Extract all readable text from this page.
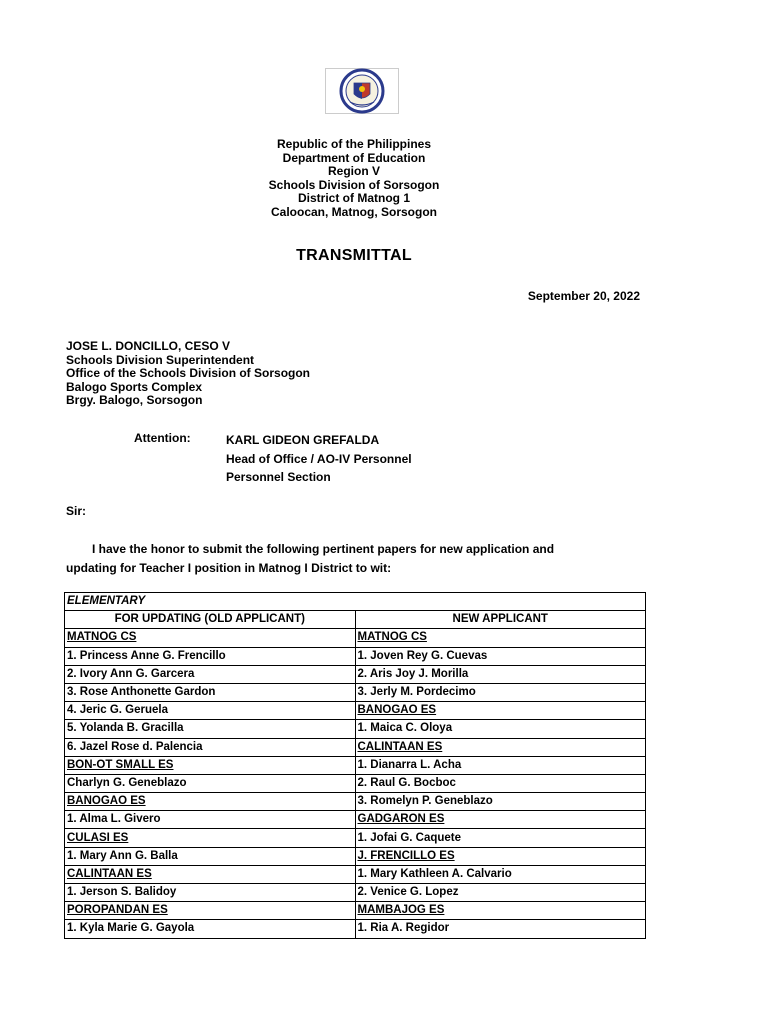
Republic of the Philippines
Department of Education
Region V
Schools Division of Sorsogon
District of Matnog 1
Caloocan, Matnog, Sorsogon
TRANSMITTAL
September 20, 2022
JOSE L. DONCILLO, CESO V
Schools Division Superintendent
Office of the Schools Division of Sorsogon
Balogo Sports Complex
Brgy. Balogo, Sorsogon
Attention:	KARL GIDEON GREFALDA
Head of Office / AO-IV Personnel
Personnel Section
Sir:
I have the honor to submit the following pertinent papers for new application and
updating for Teacher I position in Matnog I District to wit:
ELEMENTARY	
FOR UPDATING (OLD APPLICANT)	NEW APPLICANT
MATNOG CS	MATNOG CS
1. Princess Anne G. Frencillo	1. Joven Rey G. Cuevas
2. Ivory Ann G. Garcera	2. Aris Joy J. Morilla
3. Rose Anthonette Gardon	3. Jerly M. Pordecimo
4. Jeric G. Geruela	BANOGAO ES
5. Yolanda B. Gracilla	1. Maica C. Oloya
6. Jazel Rose d. Palencia	CALINTAAN ES
BON-OT SMALL ES	1. Dianarra L. Acha
Charlyn G. Geneblazo	2. Raul G. Bocboc
BANOGAO ES	3. Romelyn P. Geneblazo
1. Alma L. Givero	GADGARON ES
CULASI ES	1. Jofai G. Caquete
1. Mary Ann G. Balla	J. FRENCILLO ES
CALINTAAN ES	1. Mary Kathleen A. Calvario
1. Jerson S. Balidoy	2. Venice G. Lopez
POROPANDAN ES	MAMBAJOG ES
1. Kyla Marie G. Gayola	1. Ria A. Regidor
